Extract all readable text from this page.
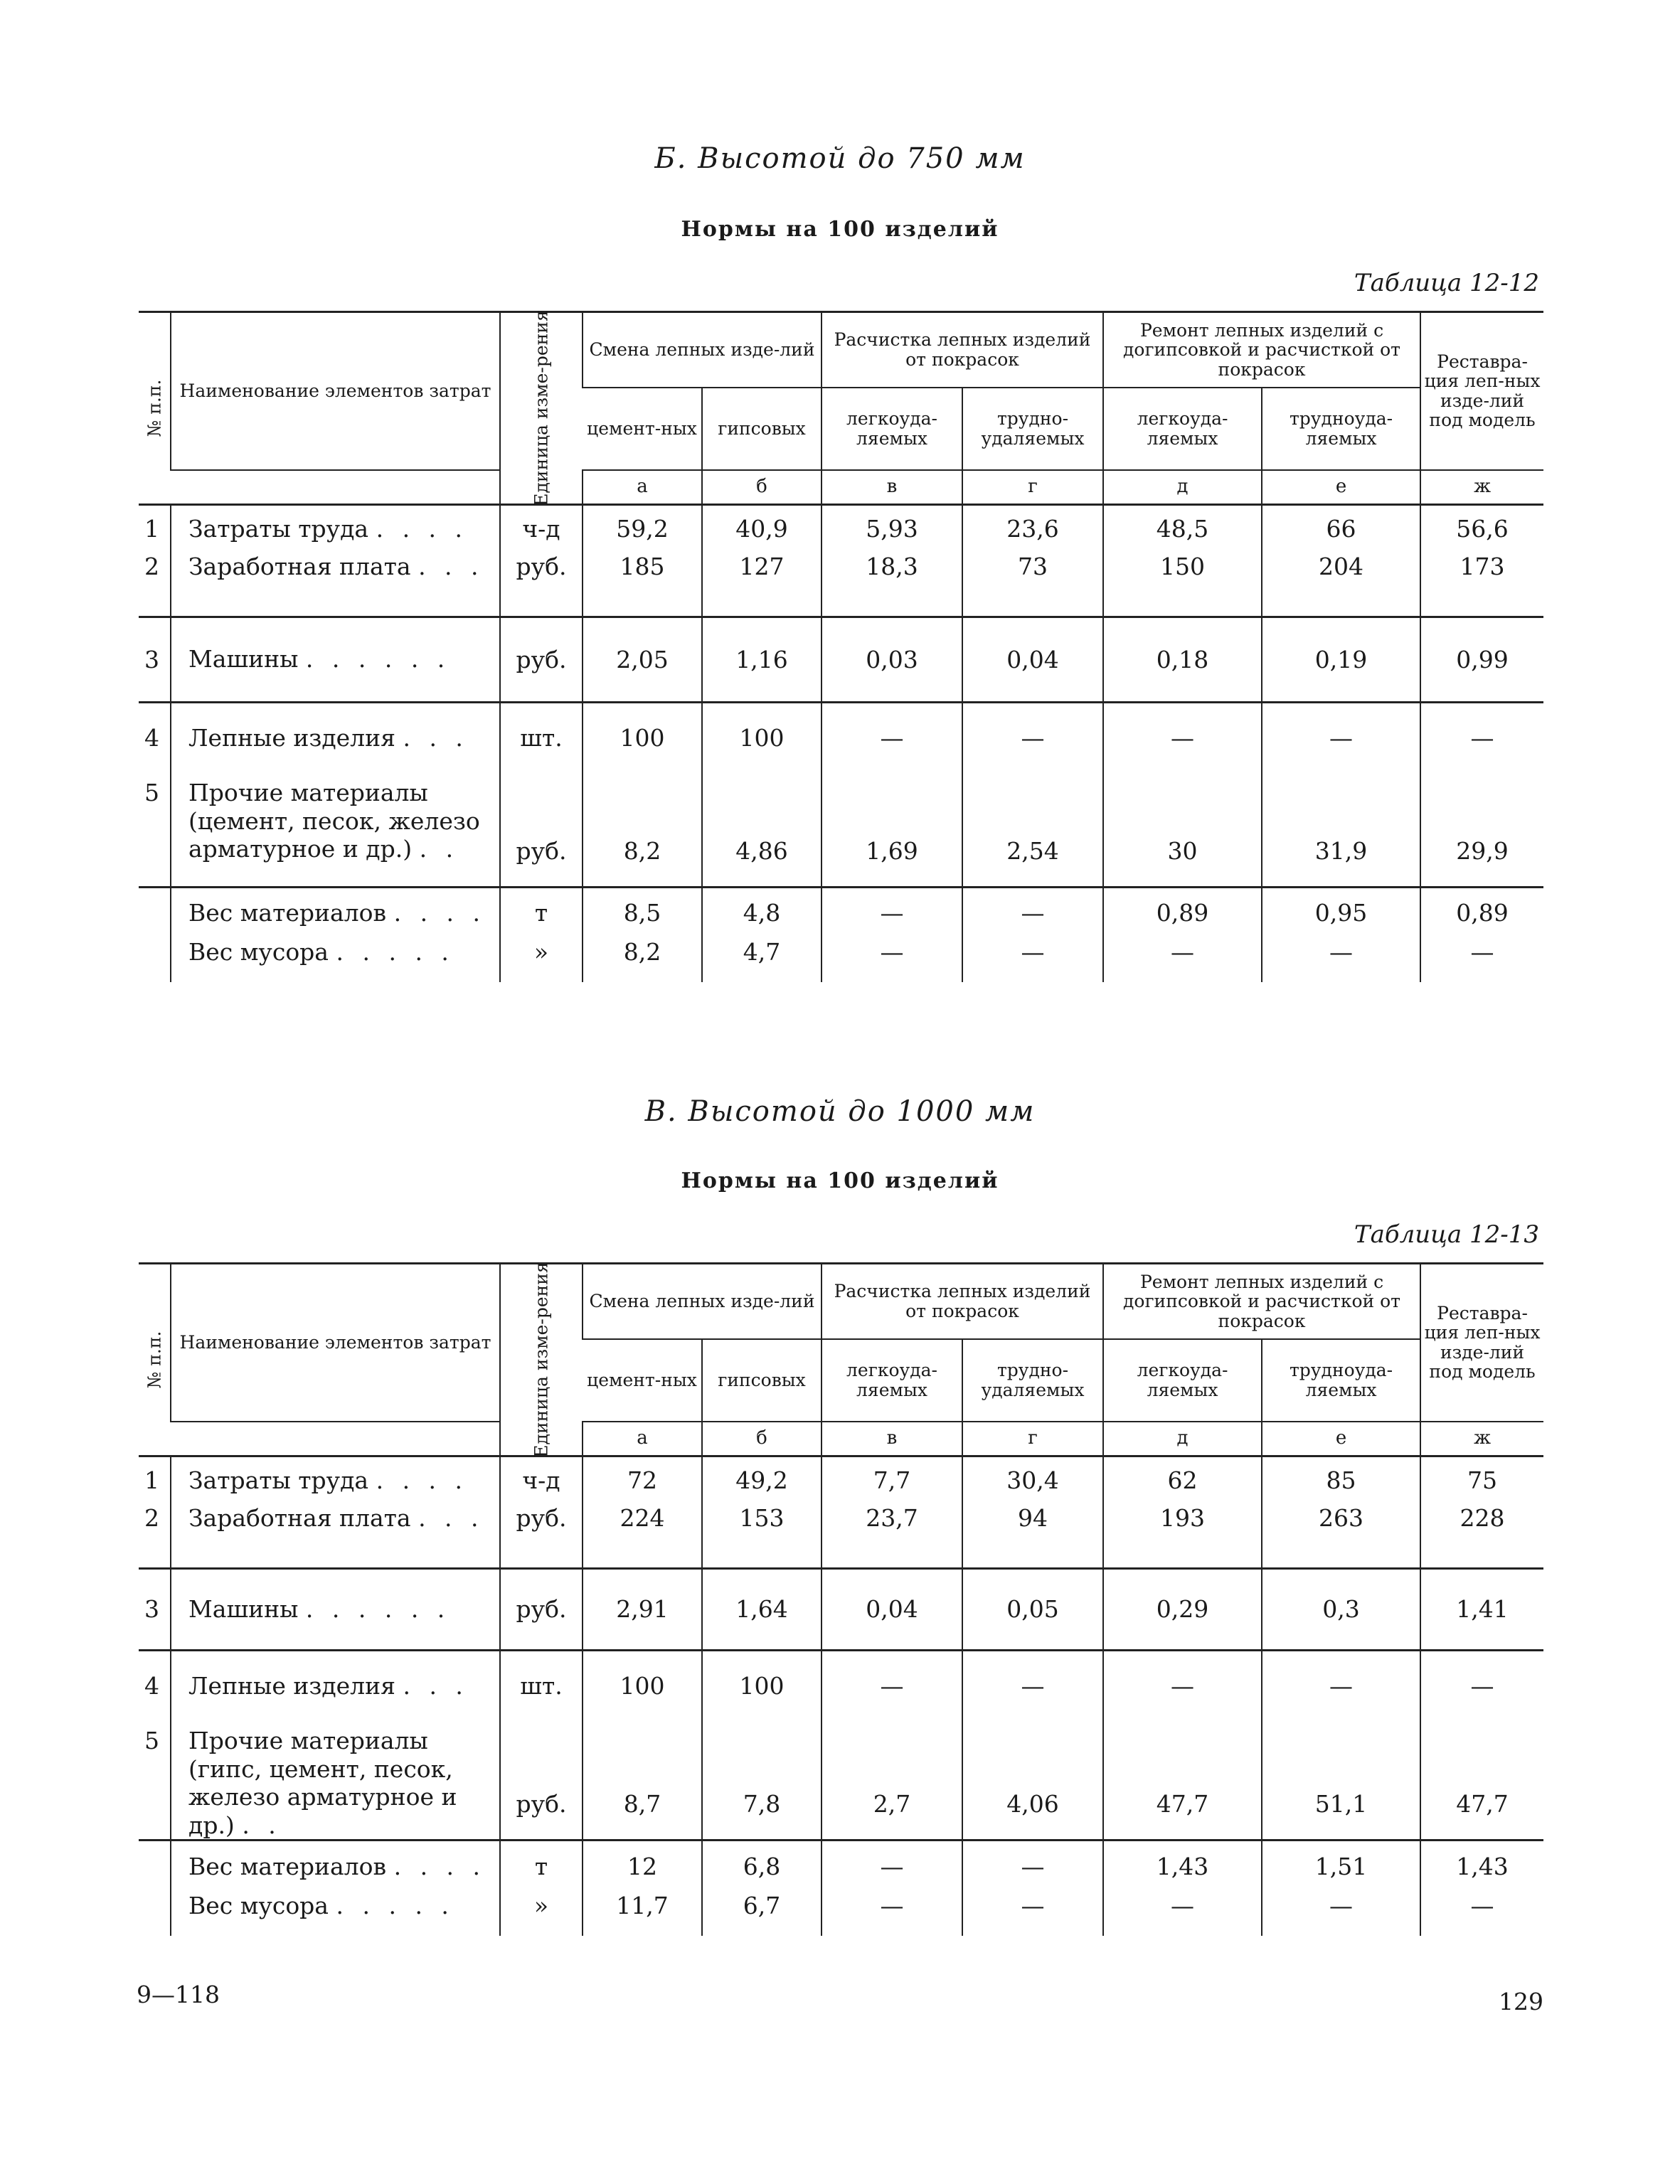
Б. Высотой до 750 мм
Нормы на 100 изделий
Таблица 12-12
№ п.п.	Наименование элементов затрат	Единица изме-рения	Смена лепных изде-лий		Расчистка лепных изделий от покрасок		Ремонт лепных изделий с догипсовкой и расчисткой от покрасок		Реставра-ция леп-ных изде-лий под модель
			цемент-ных	гипсовых	легкоуда-ляемых	трудно-удаляемых	легкоуда-ляемых	трудноуда-ляемых	
			а	б	в	г	д	е	ж
1	Затраты труда . . . .	ч-д	59,2	40,9	5,93	23,6	48,5	66	56,6
2	Заработная плата . . .	руб.	185	127	18,3	73	150	204	173
3	Машины . . . . . .	руб.	2,05	1,16	0,03	0,04	0,18	0,19	0,99
4	Лепные изделия . . .	шт.	100	100	—	—	—	—	—
5	Прочие материалы (цемент, песок, железо арматурное и др.) . .	руб.	8,2	4,86	1,69	2,54	30	31,9	29,9
	Вес материалов . . . .	т	8,5	4,8	—	—	0,89	0,95	0,89
	Вес мусора . . . . .	»	8,2	4,7	—	—	—	—	—
В. Высотой до 1000 мм
Нормы на 100 изделий
Таблица 12-13
№ п.п.	Наименование элементов затрат	Единица изме-рения	Смена лепных изде-лий		Расчистка лепных изделий от покрасок		Ремонт лепных изделий с догипсовкой и расчисткой от покрасок		Реставра-ция леп-ных изде-лий под модель
			цемент-ных	гипсовых	легкоуда-ляемых	трудно-удаляемых	легкоуда-ляемых	трудноуда-ляемых	
			а	б	в	г	д	е	ж
1	Затраты труда . . . .	ч-д	72	49,2	7,7	30,4	62	85	75
2	Заработная плата . . .	руб.	224	153	23,7	94	193	263	228
3	Машины . . . . . .	руб.	2,91	1,64	0,04	0,05	0,29	0,3	1,41
4	Лепные изделия . . .	шт.	100	100	—	—	—	—	—
5	Прочие материалы (гипс, цемент, песок, железо арматурное и др.) . .	руб.	8,7	7,8	2,7	4,06	47,7	51,1	47,7
	Вес материалов . . . .	т	12	6,8	—	—	1,43	1,51	1,43
	Вес мусора . . . . .	»	11,7	6,7	—	—	—	—	—
9—118	129
